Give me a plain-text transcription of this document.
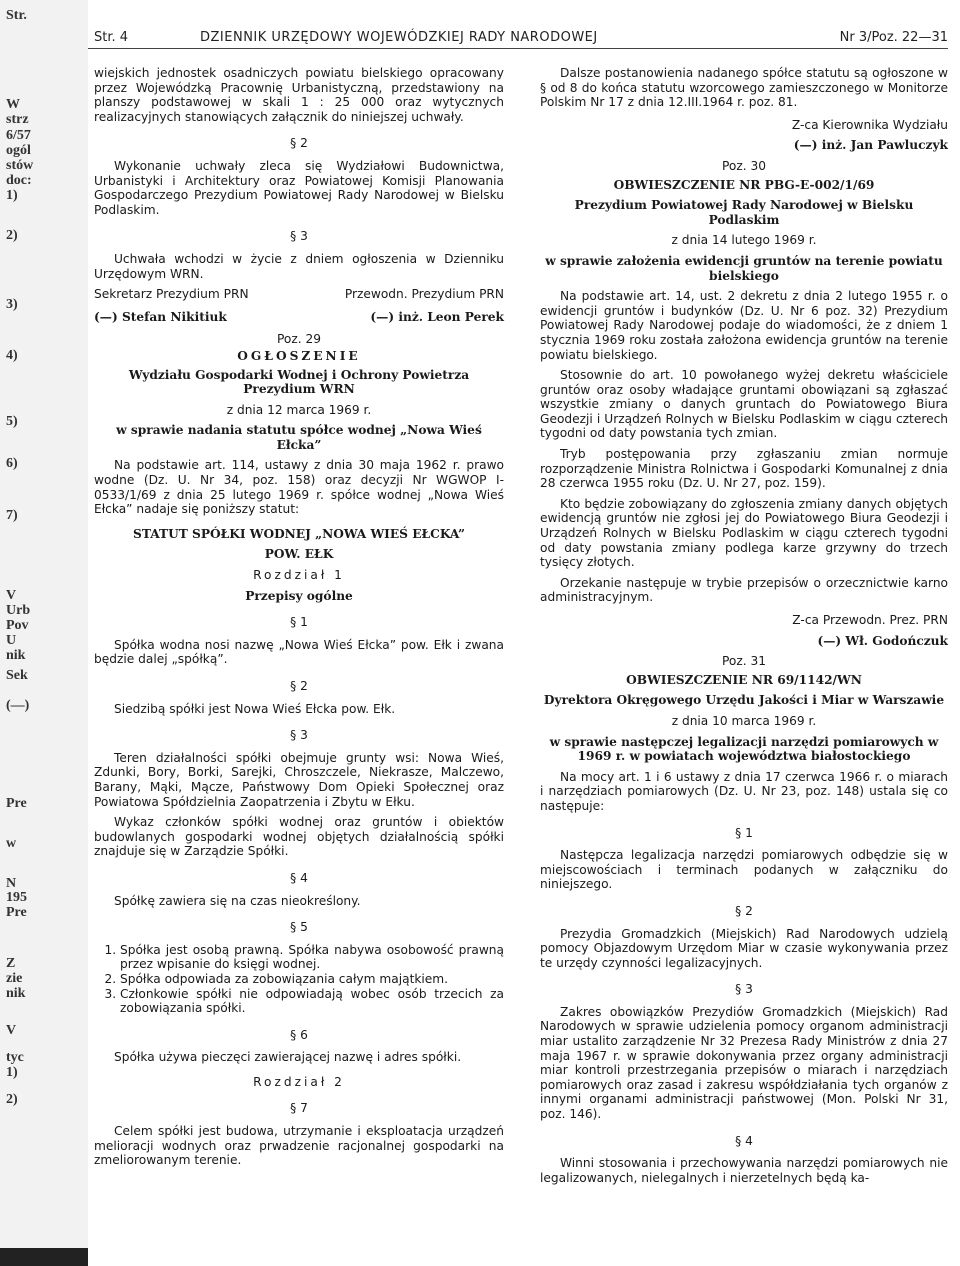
Str.
W
strz
6/57
ogól
stów
doc:
1)
2)
3)
4)
5)
6)
7)
V
Urb
Pov
U
nik
Sek
(—)
Pre
w
N
195
Pre
Z
zie
nik
V
tyc
1)
2)
Str. 4	DZIENNIK URZĘDOWY WOJEWÓDZKIEJ RADY NARODOWEJ	Nr 3/Poz. 22—31

wiejskich jednostek osadniczych powiatu bielskiego opracowany przez Wojewódzką Pracownię Urbanistyczną, przedstawiony na planszy podstawowej w skali 1 : 25 000 oraz wytycznych realizacyjnych stanowiących załącznik do niniejszej uchwały.

§ 2

Wykonanie uchwały zleca się Wydziałowi Budownictwa, Urbanistyki i Architektury oraz Powiatowej Komisji Planowania Gospodarczego Prezydium Powiatowej Rady Narodowej w Bielsku Podlaskim.

§ 3

Uchwała wchodzi w życie z dniem ogłoszenia w Dzienniku Urzędowym WRN.

Sekretarz Prezydium PRN	Przewodn. Prezydium PRN
(—) Stefan Nikitiuk	(—) inż. Leon Perek

Poz. 29

OGŁOSZENIE

Wydziału Gospodarki Wodnej i Ochrony Powietrza Prezydium WRN

z dnia 12 marca 1969 r.

w sprawie nadania statutu spółce wodnej „Nowa Wieś Ełcka”

Na podstawie art. 114, ustawy z dnia 30 maja 1962 r. prawo wodne (Dz. U. Nr 34, poz. 158) oraz decyzji Nr WGWOP I-0533/1/69 z dnia 25 lutego 1969 r. spółce wodnej „Nowa Wieś Ełcka” nadaje się poniższy statut:

STATUT SPÓŁKI WODNEJ „NOWA WIEŚ EŁCKA”

POW. EŁK

Rozdział 1

Przepisy ogólne

§ 1

Spółka wodna nosi nazwę „Nowa Wieś Ełcka” pow. Ełk i zwana będzie dalej „spółką”.

§ 2

Siedzibą spółki jest Nowa Wieś Ełcka pow. Ełk.

§ 3

Teren działalności spółki obejmuje grunty wsi: Nowa Wieś, Zdunki, Bory, Borki, Sarejki, Chroszczele, Niekrasze, Malczewo, Barany, Mąki, Mącze, Państwowy Dom Opieki Społecznej oraz Powiatowa Spółdzielnia Zaopatrzenia i Zbytu w Ełku.

Wykaz członków spółki wodnej oraz gruntów i obiektów budowlanych gospodarki wodnej objętych działalnością spółki znajduje się w Zarządzie Spółki.

§ 4

Spółkę zawiera się na czas nieokreślony.

§ 5
1. Spółka jest osobą prawną. Spółka nabywa osobowość prawną przez wpisanie do księgi wodnej.
2. Spółka odpowiada za zobowiązania całym majątkiem.
3. Członkowie spółki nie odpowiadają wobec osób trzecich za zobowiązania spółki.
§ 6

Spółka używa pieczęci zawierającej nazwę i adres spółki.

Rozdział 2

§ 7

Celem spółki jest budowa, utrzymanie i eksploatacja urządzeń melioracji wodnych oraz prwadzenie racjonalnej gospodarki na zmeliorowanym terenie.

Dalsze postanowienia nadanego spółce statutu są ogłoszone w § od 8 do końca statutu wzorcowego zamieszczonego w Monitorze Polskim Nr 17 z dnia 12.III.1964 r. poz. 81.

Z-ca Kierownika Wydziału

(—) inż. Jan Pawluczyk

Poz. 30

OBWIESZCZENIE NR PBG-E-002/1/69

Prezydium Powiatowej Rady Narodowej w Bielsku Podlaskim

z dnia 14 lutego 1969 r.

w sprawie założenia ewidencji gruntów na terenie powiatu bielskiego

Na podstawie art. 14, ust. 2 dekretu z dnia 2 lutego 1955 r. o ewidencji gruntów i budynków (Dz. U. Nr 6 poz. 32) Prezydium Powiatowej Rady Narodowej podaje do wiadomości, że z dniem 1 stycznia 1969 roku została założona ewidencja gruntów na terenie powiatu bielskiego.

Stosownie do art. 10 powołanego wyżej dekretu właściciele gruntów oraz osoby władające gruntami obowiązani są zgłaszać wszystkie zmiany o danych gruntach do Powiatowego Biura Geodezji i Urządzeń Rolnych w Bielsku Podlaskim w ciągu czterech tygodni od daty powstania tych zmian.

Tryb postępowania przy zgłaszaniu zmian normuje rozporządzenie Ministra Rolnictwa i Gospodarki Komunalnej z dnia 28 czerwca 1955 roku (Dz. U. Nr 27, poz. 159).

Kto będzie zobowiązany do zgłoszenia zmiany danych objętych ewidencją gruntów nie zgłosi jej do Powiatowego Biura Geodezji i Urządzeń Rolnych w Bielsku Podlaskim w ciągu czterech tygodni od daty powstania zmiany podlega karze grzywny do trzech tysięcy złotych.

Orzekanie następuje w trybie przepisów o orzecznictwie karno administracyjnym.

Z-ca Przewodn. Prez. PRN

(—) Wł. Godończuk

Poz. 31

OBWIESZCZENIE NR 69/1142/WN

Dyrektora Okręgowego Urzędu Jakości i Miar w Warszawie

z dnia 10 marca 1969 r.

w sprawie następczej legalizacji narzędzi pomiarowych w 1969 r. w powiatach województwa białostockiego

Na mocy art. 1 i 6 ustawy z dnia 17 czerwca 1966 r. o miarach i narzędziach pomiarowych (Dz. U. Nr 23, poz. 148) ustala się co następuje:

§ 1

Następcza legalizacja narzędzi pomiarowych odbędzie się w miejscowościach i terminach podanych w załączniku do niniejszego.

§ 2

Prezydia Gromadzkich (Miejskich) Rad Narodowych udzielą pomocy Objazdowym Urzędom Miar w czasie wykonywania przez te urzędy czynności legalizacyjnych.

§ 3

Zakres obowiązków Prezydiów Gromadzkich (Miejskich) Rad Narodowych w sprawie udzielenia pomocy organom administracji miar ustalito zarządzenie Nr 32 Prezesa Rady Ministrów z dnia 27 maja 1967 r. w sprawie dokonywania przez organy administracji miar kontroli przestrzegania przepisów o miarach i narzędziach pomiarowych oraz zasad i zakresu współdziałania tych organów z innymi organami administracji państwowej (Mon. Polski Nr 31, poz. 146).

§ 4

Winni stosowania i przechowywania narzędzi pomiarowych nie legalizowanych, nielegalnych i nierzetelnych będą ka-
